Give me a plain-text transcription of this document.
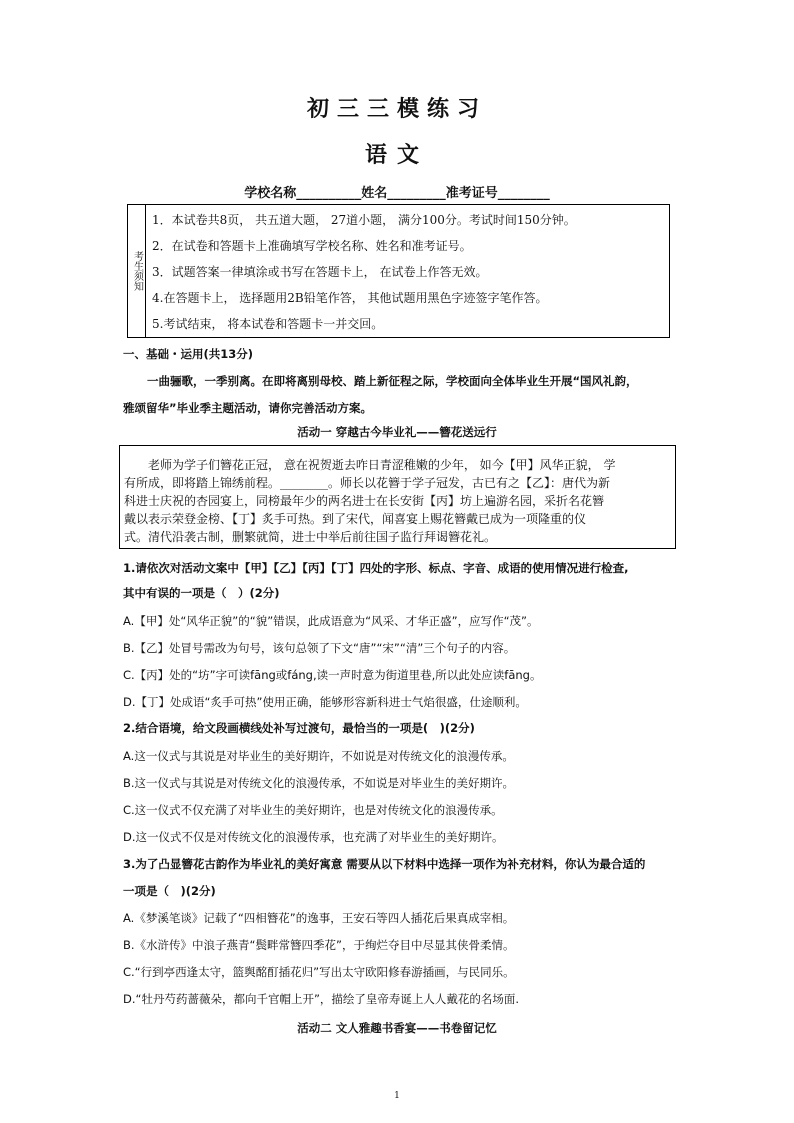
初三三模练习
语文
学校名称__________姓名_________准考证号________
考生须知
1．本试卷共8页， 共五道大题， 27道小题， 满分100分。考试时间150分钟。
2．在试卷和答题卡上准确填写学校名称、姓名和准考证号。
3．试题答案一律填涂或书写在答题卡上， 在试卷上作答无效。
4.在答题卡上， 选择题用2B铅笔作答， 其他试题用黑色字迹签字笔作答。
5.考试结束， 将本试卷和答题卡一并交回。
一、基础・运用(共13分)
一曲骊歌，一季别离。在即将离别母校、踏上新征程之际，学校面向全体毕业生开展“国风礼韵，
雅颂留华”毕业季主题活动，请你完善活动方案。
活动一 穿越古今毕业礼——簪花送远行
　　老师为学子们簪花正冠， 意在祝贺逝去咋日青涩稚嫩的少年， 如今【甲】风华正貌， 学
有所成，即将踏上锦绣前程。________。师长以花簪于学子冠发，古已有之【乙】：唐代为新
科进士庆祝的杏园宴上，同榜最年少的两名进士在长安街【丙】坊上遍游名园，采折名花簪
戴以表示荣登金榜、【丁】炙手可热。到了宋代，闻喜宴上赐花簪戴已成为一项隆重的仪
式。清代沿袭古制，删繁就简，进士中举后前往国子监行拜谒簪花礼。
1.请依次对活动文案中【甲】【乙】【丙】【丁】四处的字形、标点、字音、成语的使用情况进行检查,
其中有误的一项是（　）(2分)
A.【甲】处“风华正貌”的“貌”错误，此成语意为“风采、才华正盛”，应写作“茂”。
B.【乙】处冒号需改为句号，该句总领了下文“唐”“宋”“清”三个句子的内容。
C.【丙】处的“坊”字可读fāng或fáng,读一声时意为街道里巷,所以此处应读fāng。
D.【丁】处成语“炙手可热”使用正确，能够形容新科进士气焰很盛，仕途顺利。
2.结合语境，给文段画横线处补写过渡句，最恰当的一项是(　)(2分)
A.这一仪式与其说是对毕业生的美好期许，不如说是对传统文化的浪漫传承。
B.这一仪式与其说是对传统文化的浪漫传承，不如说是对毕业生的美好期许。
C.这一仪式不仅充满了对毕业生的美好期许，也是对传统文化的浪漫传承。
D.这一仪式不仅是对传统文化的浪漫传承，也充满了对毕业生的美好期许。
3.为了凸显簪花古韵作为毕业礼的美好寓意 需要从以下材料中选择一项作为补充材料，你认为最合适的
一项是（　)(2分)
A.《梦溪笔谈》记载了“四相簪花”的逸事，王安石等四人插花后果真成宰相。
B.《水浒传》中浪子燕青“鬓畔常簪四季花”，于绚烂夺目中尽显其侠骨柔情。
C.“行到亭西逢太守，篮舆酩酊插花归”写出太守欧阳修春游插画，与民同乐。
D.“牡丹芍药蔷薇朵，都向千官帽上开”，描绘了皇帝寿诞上人人戴花的名场面.
活动二 文人雅趣书香宴——书卷留记忆
1
